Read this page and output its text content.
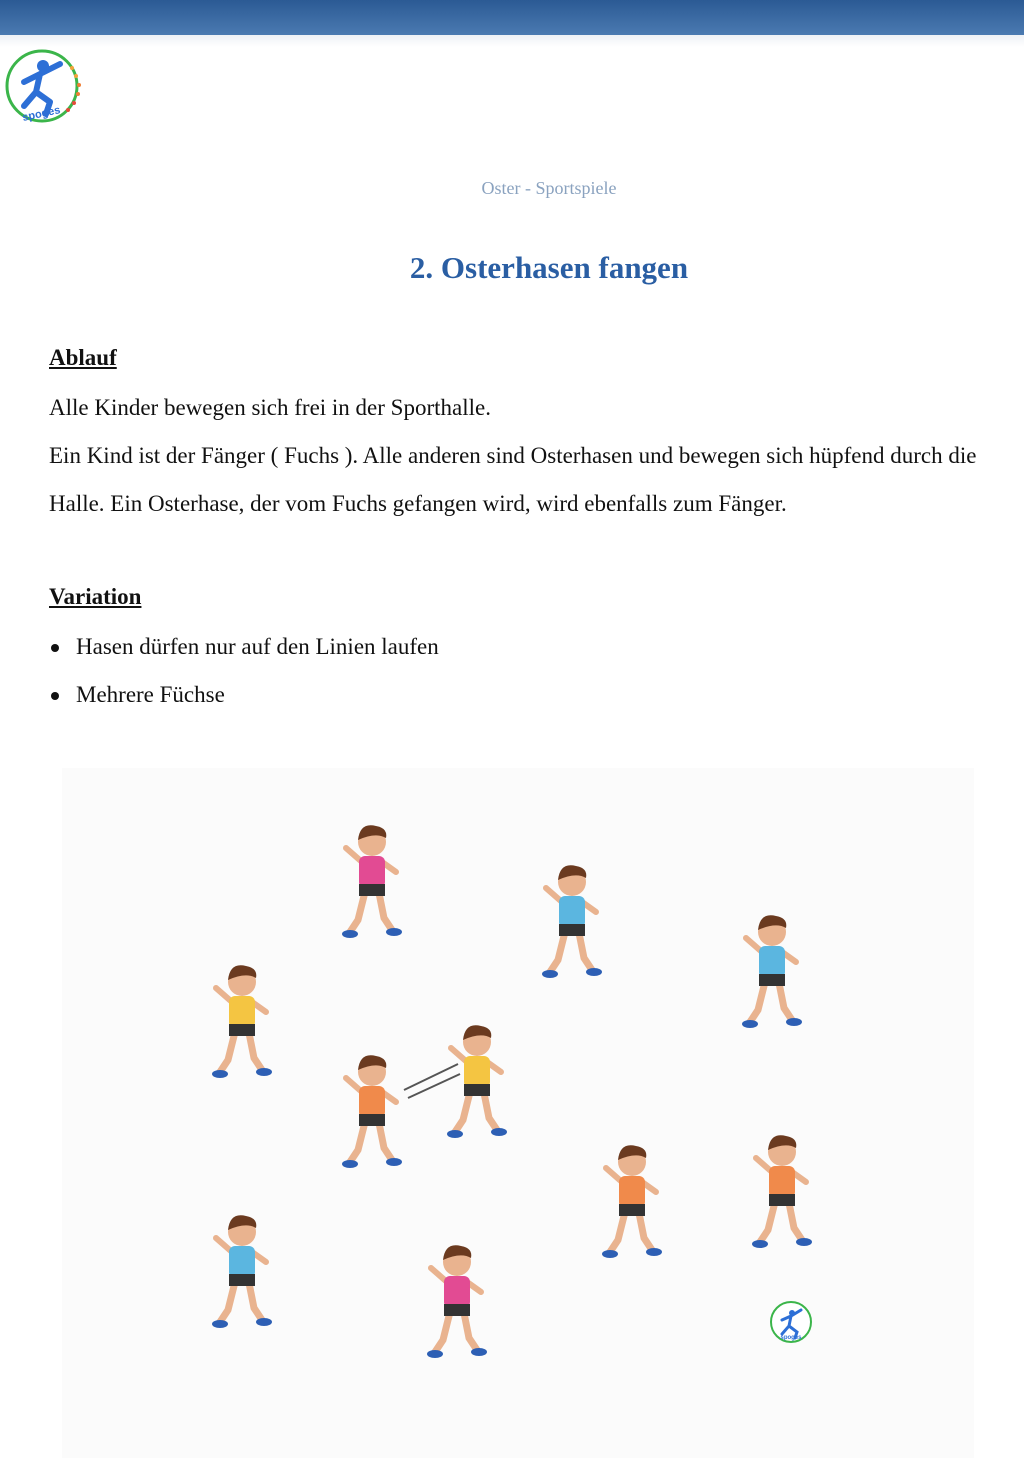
spoges
Oster - Sportspiele
2. Osterhasen fangen
Ablauf
Alle Kinder bewegen sich frei in der Sporthalle.
Ein Kind ist der Fänger ( Fuchs ). Alle anderen sind Osterhasen und bewegen sich hüpfend durch die Halle. Ein Osterhase, der vom Fuchs gefangen wird, wird ebenfalls zum Fänger.
Variation
Hasen dürfen nur auf den Linien laufen
Mehrere Füchse
spoges
